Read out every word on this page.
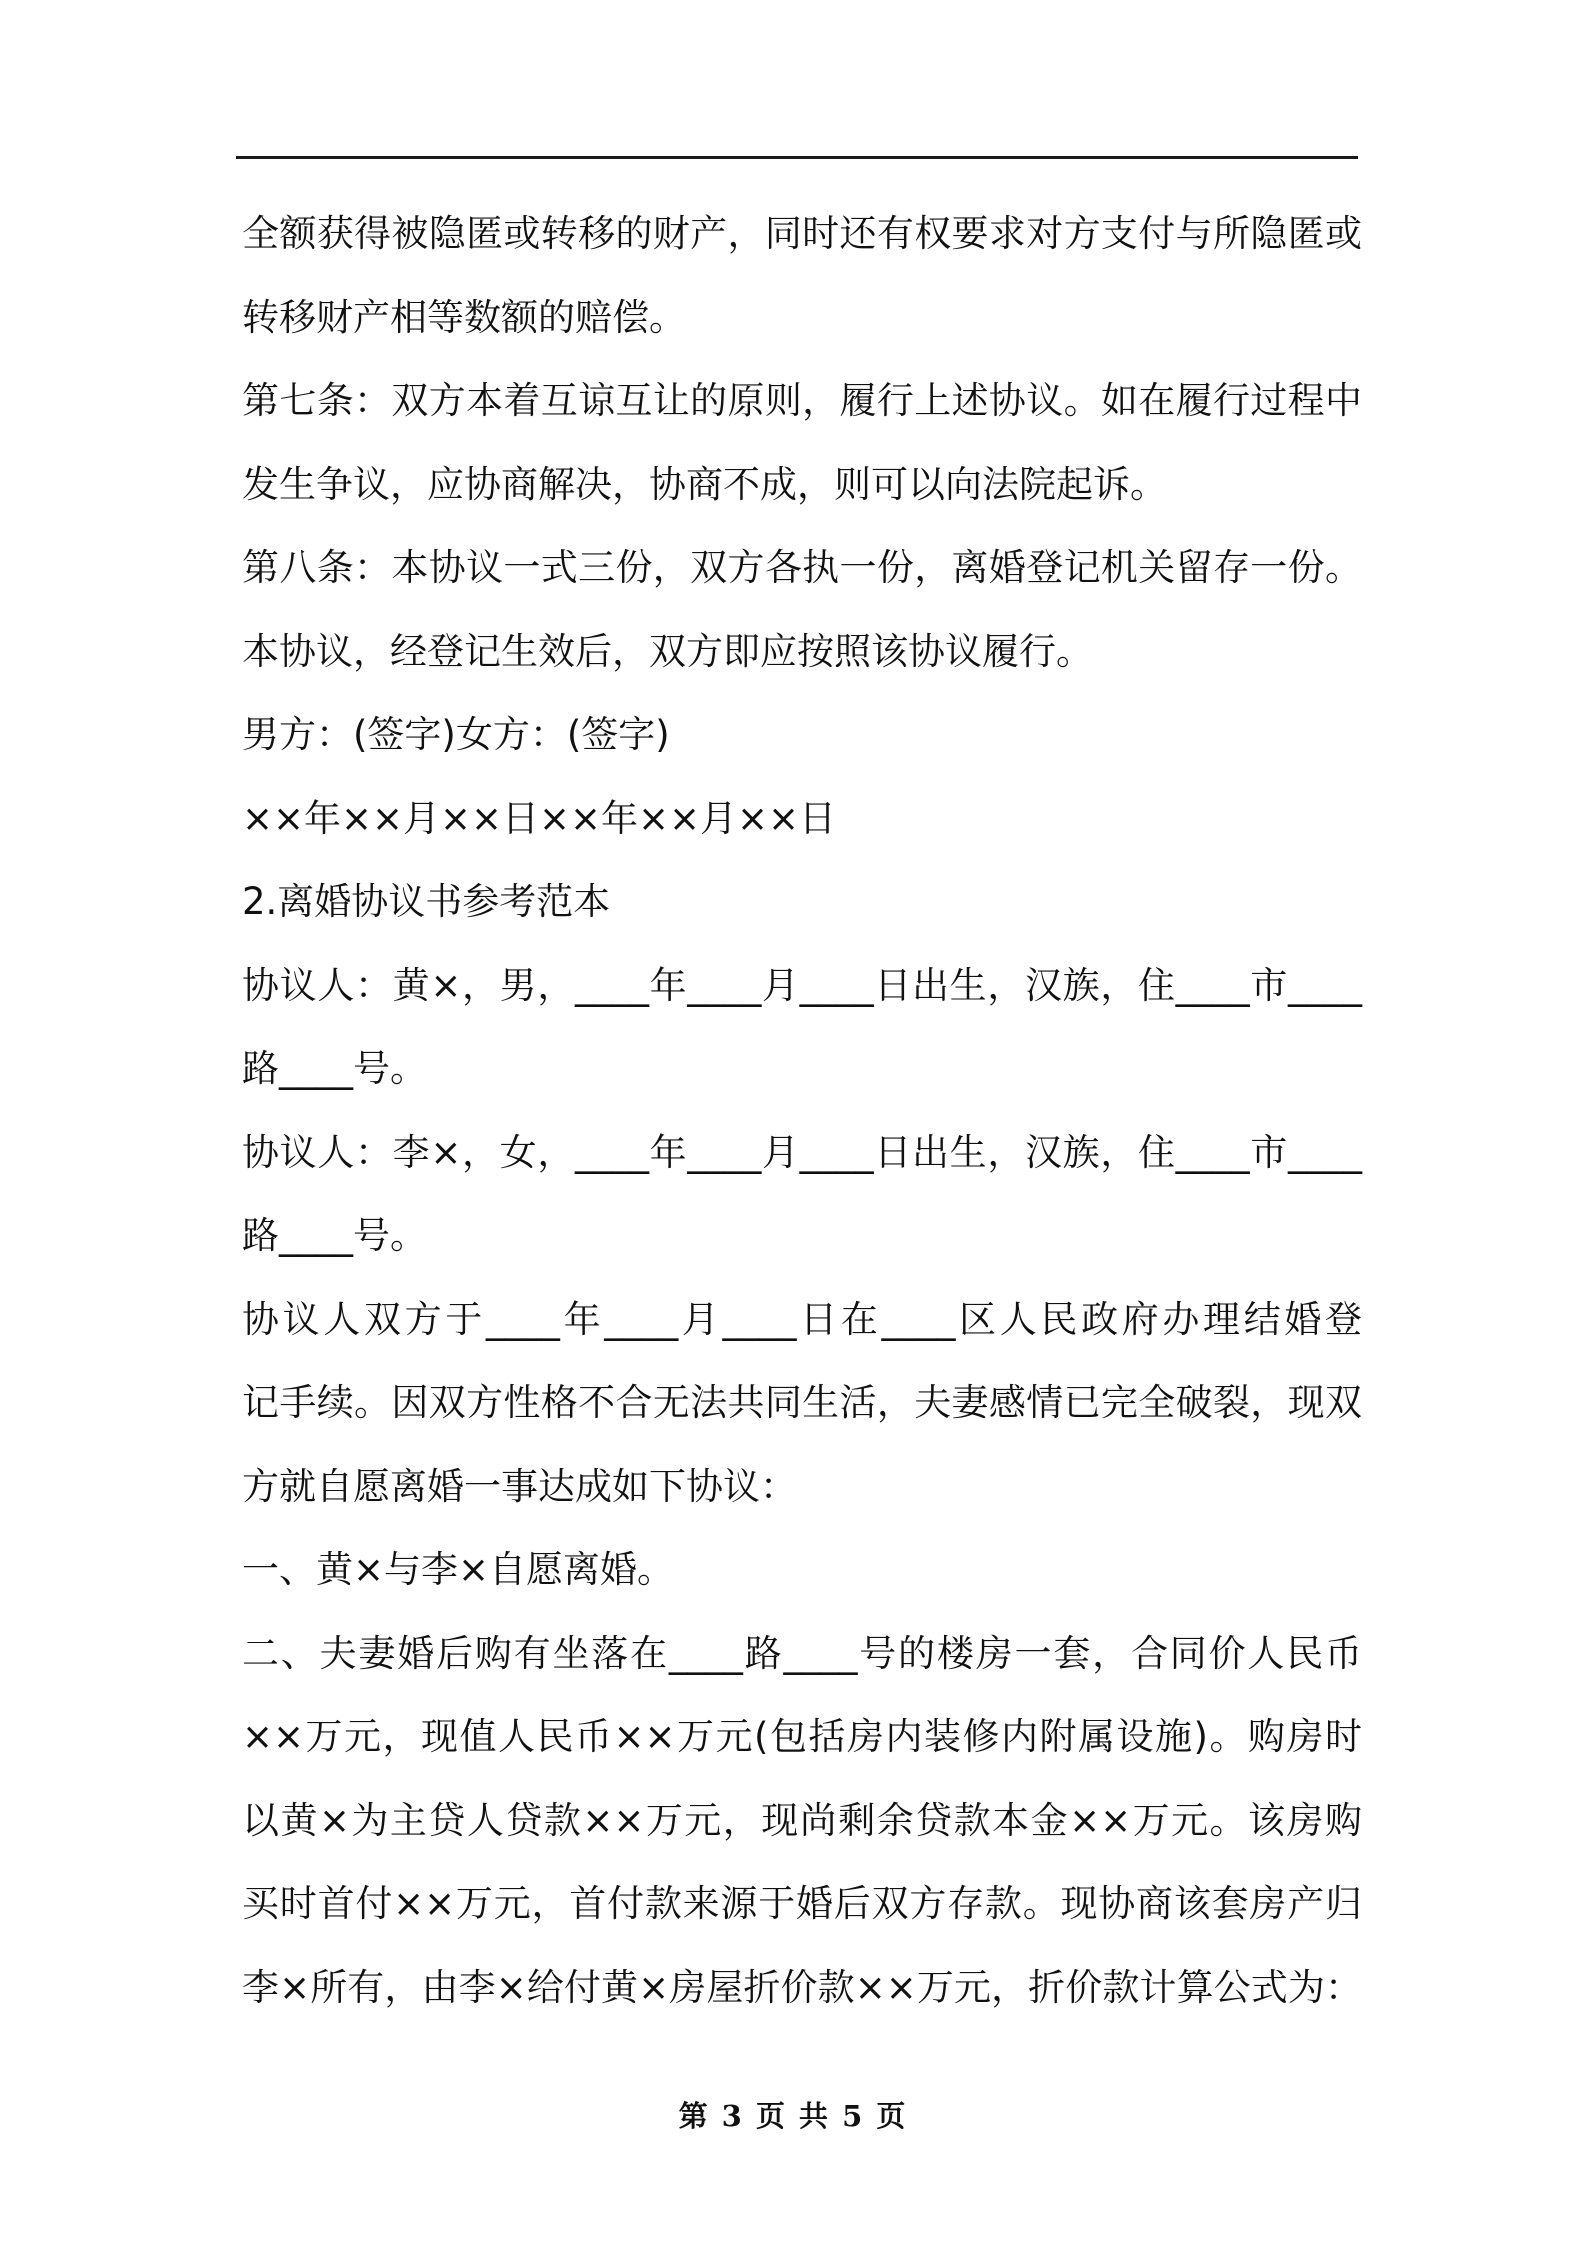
全额获得被隐匿或转移的财产，同时还有权要求对方支付与所隐匿或
转移财产相等数额的赔偿。
第七条：双方本着互谅互让的原则，履行上述协议。如在履行过程中
发生争议，应协商解决，协商不成，则可以向法院起诉。
第八条：本协议一式三份，双方各执一份，离婚登记机关留存一份。
本协议，经登记生效后，双方即应按照该协议履行。
男方：(签字)女方：(签字)
××年××月××日××年××月××日
2.离婚协议书参考范本
协议人：黄×，男，____年____月____日出生，汉族，住____市____
路____号。
协议人：李×，女，____年____月____日出生，汉族，住____市____
路____号。
协议人双方于____年____月____日在____区人民政府办理结婚登
记手续。因双方性格不合无法共同生活，夫妻感情已完全破裂，现双
方就自愿离婚一事达成如下协议：
一、黄×与李×自愿离婚。
二、夫妻婚后购有坐落在____路____号的楼房一套，合同价人民币
××万元，现值人民币××万元(包括房内装修内附属设施)。购房时
以黄×为主贷人贷款××万元，现尚剩余贷款本金××万元。该房购
买时首付××万元，首付款来源于婚后双方存款。现协商该套房产归
李×所有，由李×给付黄×房屋折价款××万元，折价款计算公式为：
第 3 页 共 5 页
